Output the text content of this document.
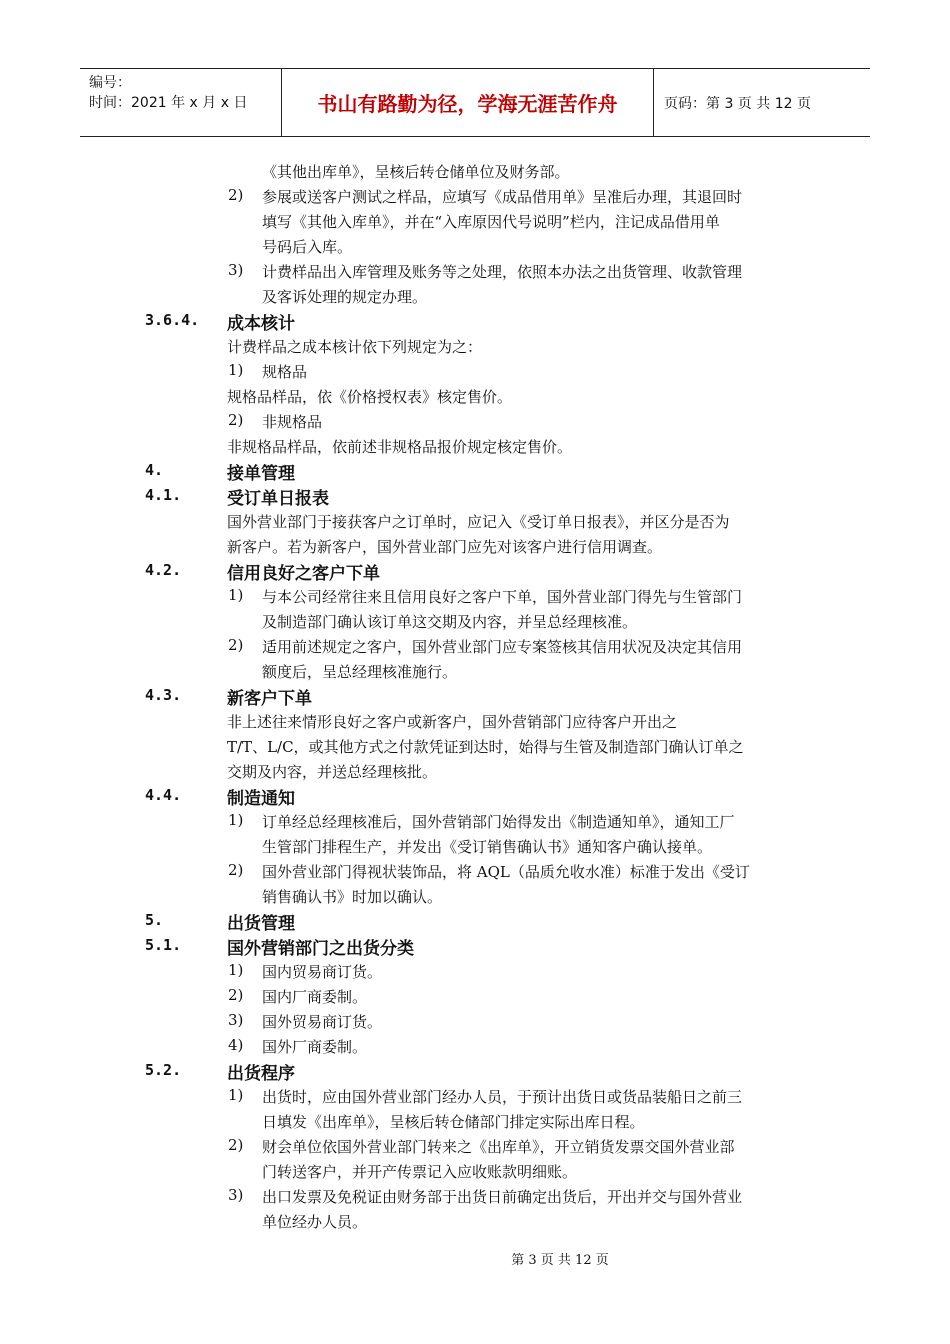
编号：
时间：2021 年 x 月 x 日	书山有路勤为径，学海无涯苦作舟	页码：第 3 页 共 12 页
《其他出库单》，呈核后转仓储单位及财务部。
2) 参展或送客户测试之样品，应填写《成品借用单》呈准后办理，其退回时
填写《其他入库单》，并在“入库原因代号说明”栏内，注记成品借用单
号码后入库。
3) 计费样品出入库管理及账务等之处理，依照本办法之出货管理、收款管理
及客诉处理的规定办理。
3.6.4. 成本核计
计费样品之成本核计依下列规定为之：
1) 规格品
规格品样品，依《价格授权表》核定售价。
2) 非规格品
非规格品样品，依前述非规格品报价规定核定售价。
4.	接单管理
4.1.	受订单日报表
国外营业部门于接获客户之订单时，应记入《受订单日报表》，并区分是否为
新客户。若为新客户，国外营业部门应先对该客户进行信用调查。
4.2.	信用良好之客户下单
1) 与本公司经常往来且信用良好之客户下单，国外营业部门得先与生管部门
及制造部门确认该订单这交期及内容，并呈总经理核准。
2) 适用前述规定之客户，国外营业部门应专案签核其信用状况及决定其信用
额度后，呈总经理核准施行。
4.3.	新客户下单
非上述往来情形良好之客户或新客户，国外营销部门应待客户开出之
T/T、L/C，或其他方式之付款凭证到达时，始得与生管及制造部门确认订单之
交期及内容，并送总经理核批。
4.4.	制造通知
1) 订单经总经理核准后，国外营销部门始得发出《制造通知单》，通知工厂
生管部门排程生产，并发出《受订销售确认书》通知客户确认接单。
2) 国外营业部门得视状装饰品，将 AQL（品质允收水准）标准于发出《受订
销售确认书》时加以确认。
5.	出货管理
5.1.	国外营销部门之出货分类
1) 国内贸易商订货。
2) 国内厂商委制。
3) 国外贸易商订货。
4) 国外厂商委制。
5.2.	出货程序
1) 出货时，应由国外营业部门经办人员，于预计出货日或货品装船日之前三
日填发《出库单》，呈核后转仓储部门排定实际出库日程。
2) 财会单位依国外营业部门转来之《出库单》，开立销货发票交国外营业部
门转送客户，并开产传票记入应收账款明细账。
3) 出口发票及免税证由财务部于出货日前确定出货后，开出并交与国外营业
单位经办人员。
第 3 页 共 12 页
